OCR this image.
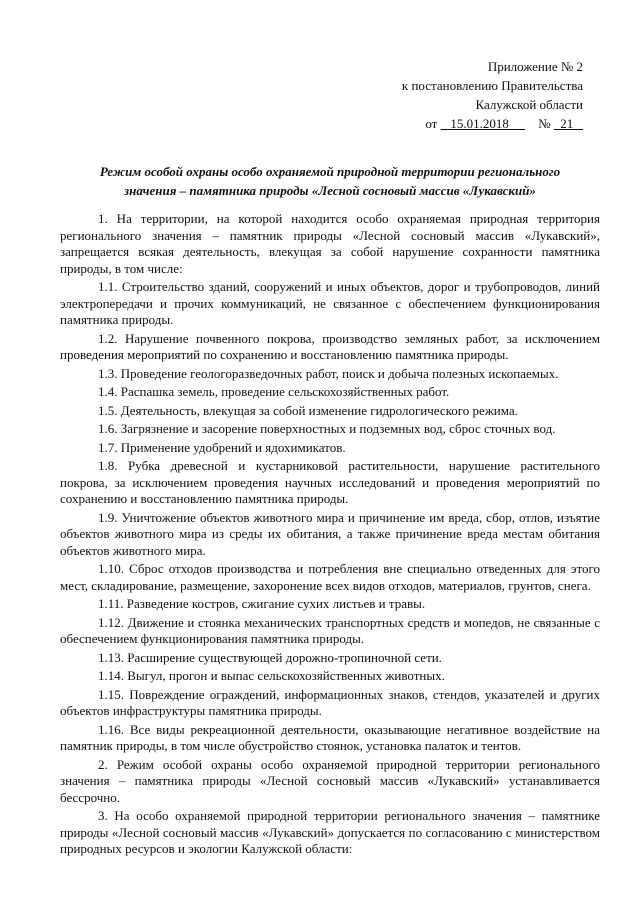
Приложение № 2
к постановлению Правительства
Калужской области
от 15.01.2018 № 21
Режим особой охраны особо охраняемой природной территории регионального
значения – памятника природы «Лесной сосновый массив «Лукавский»

1. На территории, на которой находится особо охраняемая природная территория регионального значения – памятник природы «Лесной сосновый массив «Лукавский», запрещается всякая деятельность, влекущая за собой нарушение сохранности памятника природы, в том числе:

1.1. Строительство зданий, сооружений и иных объектов, дорог и трубопроводов, линий электропередачи и прочих коммуникаций, не связанное с обеспечением функционирования памятника природы.

1.2. Нарушение почвенного покрова, производство земляных работ, за исключением проведения мероприятий по сохранению и восстановлению памятника природы.

1.3. Проведение геологоразведочных работ, поиск и добыча полезных ископаемых.

1.4. Распашка земель, проведение сельскохозяйственных работ.

1.5. Деятельность, влекущая за собой изменение гидрологического режима.

1.6. Загрязнение и засорение поверхностных и подземных вод, сброс сточных вод.

1.7. Применение удобрений и ядохимикатов.

1.8. Рубка древесной и кустарниковой растительности, нарушение растительного покрова, за исключением проведения научных исследований и проведения мероприятий по сохранению и восстановлению памятника природы.

1.9. Уничтожение объектов животного мира и причинение им вреда, сбор, отлов, изъятие объектов животного мира из среды их обитания, а также причинение вреда местам обитания объектов животного мира.

1.10. Сброс отходов производства и потребления вне специально отведенных для этого мест, складирование, размещение, захоронение всех видов отходов, материалов, грунтов, снега.

1.11. Разведение костров, сжигание сухих листьев и травы.

1.12. Движение и стоянка механических транспортных средств и мопедов, не связанные с обеспечением функционирования памятника природы.

1.13. Расширение существующей дорожно-тропиночной сети.

1.14. Выгул, прогон и выпас сельскохозяйственных животных.

1.15. Повреждение ограждений, информационных знаков, стендов, указателей и других объектов инфраструктуры памятника природы.

1.16. Все виды рекреационной деятельности, оказывающие негативное воздействие на памятник природы, в том числе обустройство стоянок, установка палаток и тентов.

2. Режим особой охраны особо охраняемой природной территории регионального значения – памятника природы «Лесной сосновый массив «Лукавский» устанавливается бессрочно.

3. На особо охраняемой природной территории регионального значения – памятнике природы «Лесной сосновый массив «Лукавский» допускается по согласованию с министерством природных ресурсов и экологии Калужской области:
